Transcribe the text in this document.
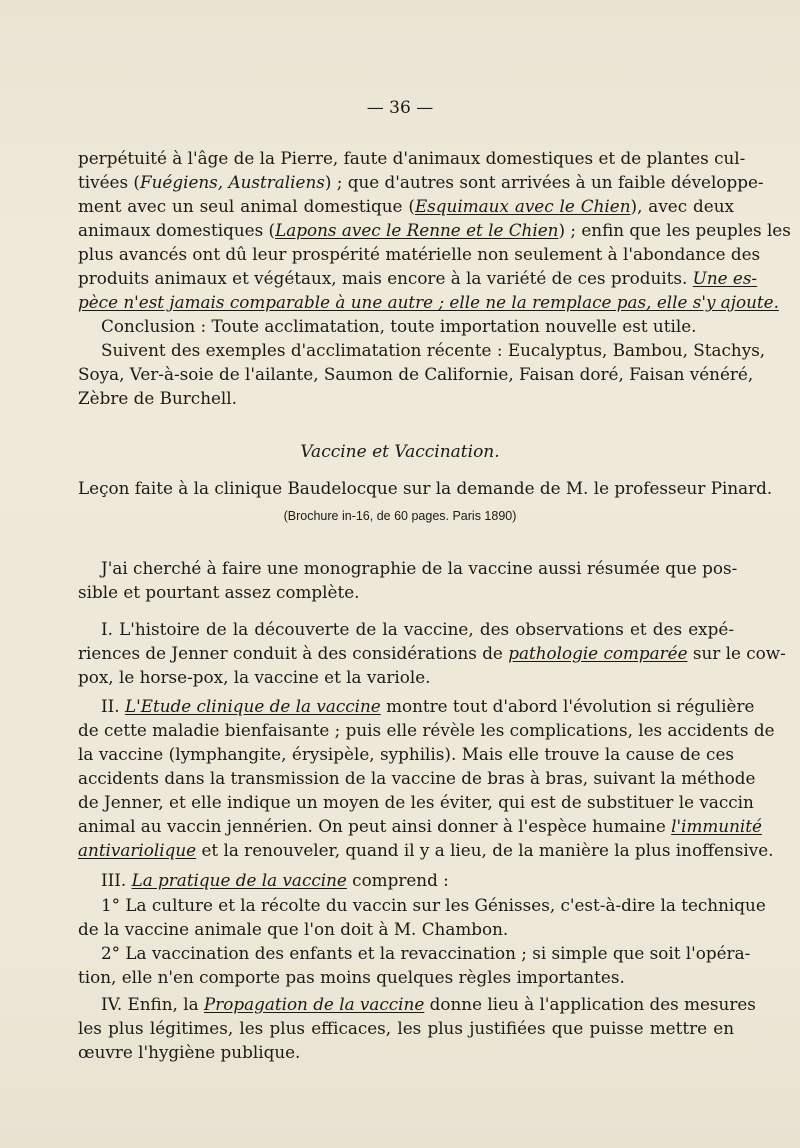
— 36 —
perpétuité à l'âge de la Pierre, faute d'animaux domestiques et de plantes cul-
tivées (Fuégiens, Australiens) ; que d'autres sont arrivées à un faible développe-
ment avec un seul animal domestique (Esquimaux avec le Chien), avec deux
animaux domestiques (Lapons avec le Renne et le Chien) ; enfin que les peuples les
plus avancés ont dû leur prospérité matérielle non seulement à l'abondance des
produits animaux et végétaux, mais encore à la variété de ces produits. Une es-
pèce n'est jamais comparable à une autre ; elle ne la remplace pas, elle s'y ajoute.
Conclusion : Toute acclimatation, toute importation nouvelle est utile.
Suivent des exemples d'acclimatation récente : Eucalyptus, Bambou, Stachys,
Soya, Ver-à-soie de l'ailante, Saumon de Californie, Faisan doré, Faisan vénéré,
Zèbre de Burchell.
Vaccine et Vaccination.
Leçon faite à la clinique Baudelocque sur la demande de M. le professeur Pinard.
(Brochure in-16, de 60 pages. Paris 1890)
J'ai cherché à faire une monographie de la vaccine aussi résumée que pos-
sible et pourtant assez complète.
I. L'histoire de la découverte de la vaccine, des observations et des expé-
riences de Jenner conduit à des considérations de pathologie comparée sur le cow-
pox, le horse-pox, la vaccine et la variole.
II. L'Etude clinique de la vaccine montre tout d'abord l'évolution si régulière
de cette maladie bienfaisante ; puis elle révèle les complications, les accidents de
la vaccine (lymphangite, érysipèle, syphilis). Mais elle trouve la cause de ces
accidents dans la transmission de la vaccine de bras à bras, suivant la méthode
de Jenner, et elle indique un moyen de les éviter, qui est de substituer le vaccin
animal au vaccin jennérien. On peut ainsi donner à l'espèce humaine l'immunité
antivariolique et la renouveler, quand il y a lieu, de la manière la plus inoffensive.
III. La pratique de la vaccine comprend :
1° La culture et la récolte du vaccin sur les Génisses, c'est-à-dire la technique
de la vaccine animale que l'on doit à M. Chambon.
2° La vaccination des enfants et la revaccination ; si simple que soit l'opéra-
tion, elle n'en comporte pas moins quelques règles importantes.
IV. Enfin, la Propagation de la vaccine donne lieu à l'application des mesures
les plus légitimes, les plus efficaces, les plus justifiées que puisse mettre en
œuvre l'hygiène publique.
